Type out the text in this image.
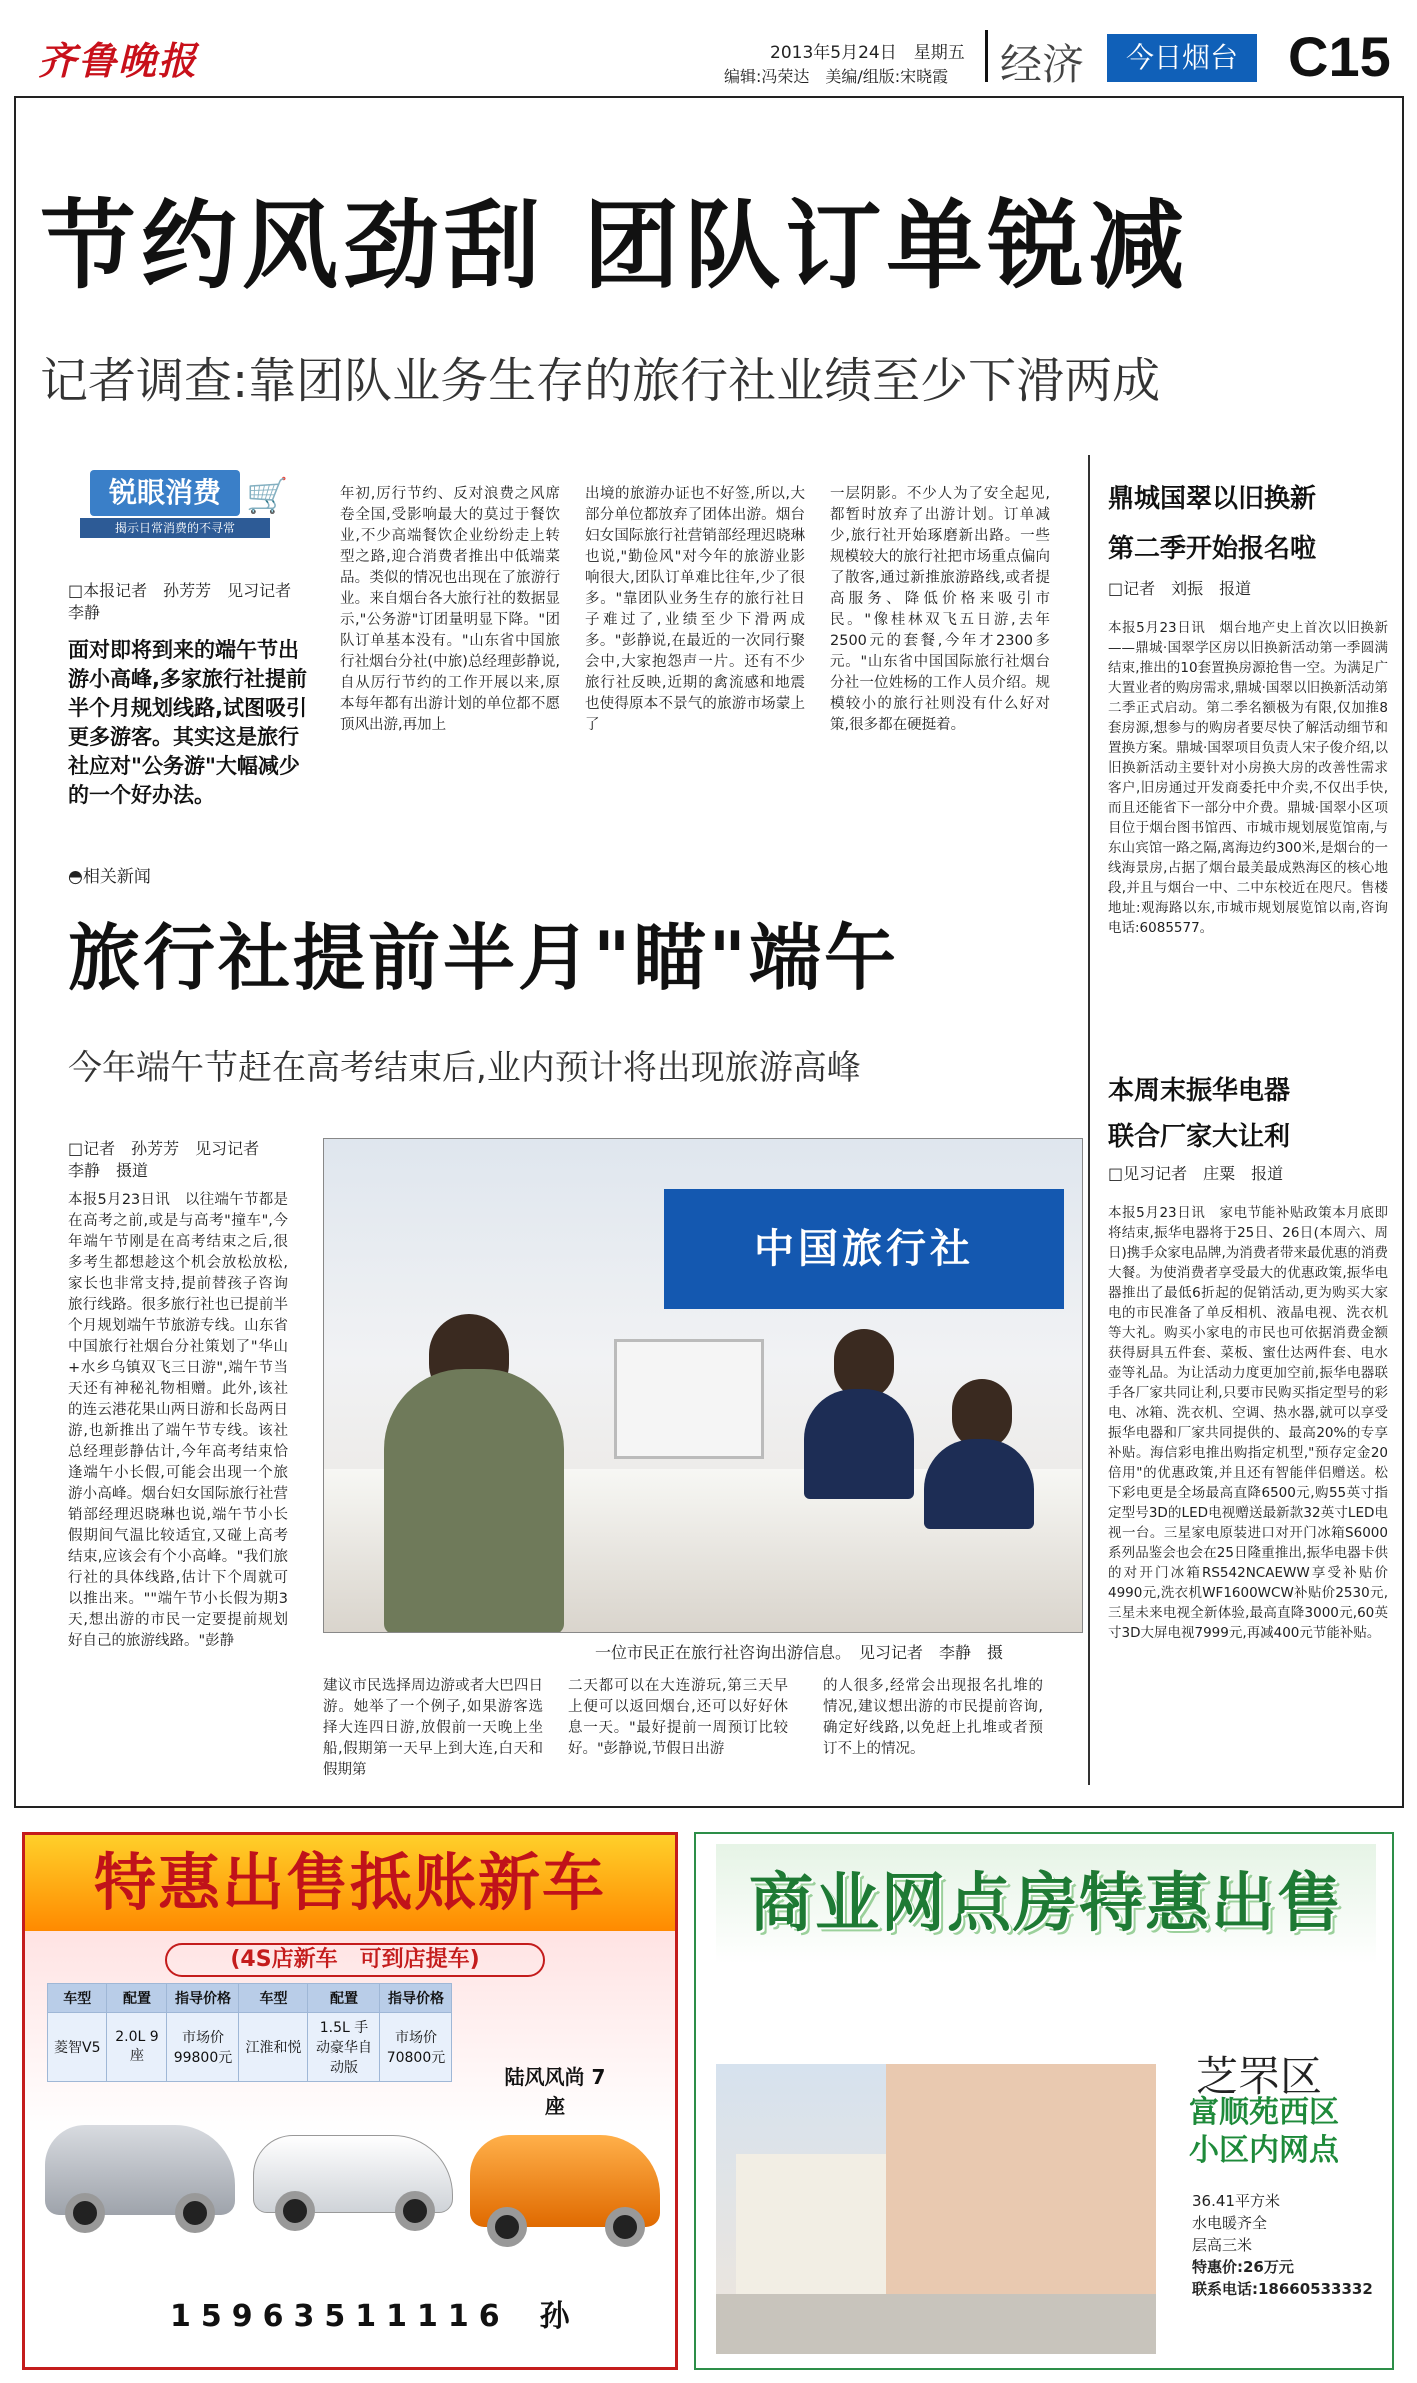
齐鲁晚报	2013年5月24日　星期五
编辑:冯荣达　美编/组版:宋晓霞 经济	今日烟台 C15
节约风劲刮 团队订单锐减
记者调查:靠团队业务生存的旅行社业绩至少下滑两成
锐眼消费 🛒
揭示日常消费的不寻常
□本报记者　孙芳芳　见习记者　李静
面对即将到来的端午节出游小高峰,多家旅行社提前半个月规划线路,试图吸引更多游客。其实这是旅行社应对"公务游"大幅减少的一个好办法。
年初,厉行节约、反对浪费之风席卷全国,受影响最大的莫过于餐饮业,不少高端餐饮企业纷纷走上转型之路,迎合消费者推出中低端菜品。类似的情况也出现在了旅游行业。来自烟台各大旅行社的数据显示,"公务游"订团量明显下降。"团队订单基本没有。"山东省中国旅行社烟台分社(中旅)总经理彭静说,自从厉行节约的工作开展以来,原本每年都有出游计划的单位都不愿顶风出游,再加上
出境的旅游办证也不好签,所以,大部分单位都放弃了团体出游。烟台妇女国际旅行社营销部经理迟晓琳也说,"勤俭风"对今年的旅游业影响很大,团队订单难比往年,少了很多。"靠团队业务生存的旅行社日子难过了,业绩至少下滑两成多。"彭静说,在最近的一次同行聚会中,大家抱怨声一片。还有不少旅行社反映,近期的禽流感和地震也使得原本不景气的旅游市场蒙上了
一层阴影。不少人为了安全起见,都暂时放弃了出游计划。订单减少,旅行社开始琢磨新出路。一些规模较大的旅行社把市场重点偏向了散客,通过新推旅游路线,或者提高服务、降低价格来吸引市民。"像桂林双飞五日游,去年2500元的套餐,今年才2300多元。"山东省中国国际旅行社烟台分社一位姓杨的工作人员介绍。规模较小的旅行社则没有什么好对策,很多都在硬挺着。
鼎城国翠以旧换新
第二季开始报名啦
□记者　刘振　报道
本报5月23日讯　烟台地产史上首次以旧换新——鼎城·国翠学区房以旧换新活动第一季圆满结束,推出的10套置换房源抢售一空。为满足广大置业者的购房需求,鼎城·国翠以旧换新活动第二季正式启动。第二季名额极为有限,仅加推8套房源,想参与的购房者要尽快了解活动细节和置换方案。鼎城·国翠项目负责人宋子俊介绍,以旧换新活动主要针对小房换大房的改善性需求客户,旧房通过开发商委托中介卖,不仅出手快,而且还能省下一部分中介费。鼎城·国翠小区项目位于烟台图书馆西、市城市规划展览馆南,与东山宾馆一路之隔,离海边约300米,是烟台的一线海景房,占据了烟台最美最成熟海区的核心地段,并且与烟台一中、二中东校近在咫尺。售楼地址:观海路以东,市城市规划展览馆以南,咨询电话:6085577。
本周末振华电器
联合厂家大让利
□见习记者　庄粟　报道
本报5月23日讯　家电节能补贴政策本月底即将结束,振华电器将于25日、26日(本周六、周日)携手众家电品牌,为消费者带来最优惠的消费大餐。为使消费者享受最大的优惠政策,振华电器推出了最低6折起的促销活动,更为购买大家电的市民准备了单反相机、液晶电视、洗衣机等大礼。购买小家电的市民也可依据消费金额获得厨具五件套、菜板、蜜仕达两件套、电水壶等礼品。为让活动力度更加空前,振华电器联手各厂家共同让利,只要市民购买指定型号的彩电、冰箱、洗衣机、空调、热水器,就可以享受振华电器和厂家共同提供的、最高20%的专享补贴。海信彩电推出购指定机型,"预存定金20倍用"的优惠政策,并且还有智能伴侣赠送。松下彩电更是全场最高直降6500元,购55英寸指定型号3D的LED电视赠送最新款32英寸LED电视一台。三星家电原装进口对开门冰箱S6000系列品鉴会也会在25日隆重推出,振华电器卡供的对开门冰箱RS542NCAEWW享受补贴价4990元,洗衣机WF1600WCW补贴价2530元,三星未来电视全新体验,最高直降3000元,60英寸3D大屏电视7999元,再减400元节能补贴。
◓相关新闻
旅行社提前半月"瞄"端午
今年端午节赶在高考结束后,业内预计将出现旅游高峰
□记者　孙芳芳　见习记者　李静　摄道
本报5月23日讯　以往端午节都是在高考之前,或是与高考"撞车",今年端午节刚是在高考结束之后,很多考生都想趁这个机会放松放松,家长也非常支持,提前替孩子咨询旅行线路。很多旅行社也已提前半个月规划端午节旅游专线。山东省中国旅行社烟台分社策划了"华山+水乡乌镇双飞三日游",端午节当天还有神秘礼物相赠。此外,该社的连云港花果山两日游和长岛两日游,也新推出了端午节专线。该社总经理彭静估计,今年高考结束恰逢端午小长假,可能会出现一个旅游小高峰。烟台妇女国际旅行社营销部经理迟晓琳也说,端午节小长假期间气温比较适宜,又碰上高考结束,应该会有个小高峰。"我们旅行社的具体线路,估计下个周就可以推出来。""端午节小长假为期3天,想出游的市民一定要提前规划好自己的旅游线路。"彭静
中国旅行社
一位市民正在旅行社咨询出游信息。　见习记者　李静　摄
建议市民选择周边游或者大巴四日游。她举了一个例子,如果游客选择大连四日游,放假前一天晚上坐船,假期第一天早上到大连,白天和假期第
二天都可以在大连游玩,第三天早上便可以返回烟台,还可以好好休息一天。"最好提前一周预订比较好。"彭静说,节假日出游
的人很多,经常会出现报名扎堆的情况,建议想出游的市民提前咨询,确定好线路,以免赶上扎堆或者预订不上的情况。
特惠出售抵账新车
(4S店新车　可到店提车)
车型	配置	指导价格	车型	配置	指导价格
菱智V5	2.0L 9座	市场价 99800元	江淮和悦	1.5L 手动豪华自动版	市场价 70800元
陆风风尚 7座
15963511116 孙
商业网点房特惠出售
芝罘区
富顺苑西区 小区内网点
36.41平方米
水电暖齐全
层高三米
特惠价:26万元
联系电话:18660533332
